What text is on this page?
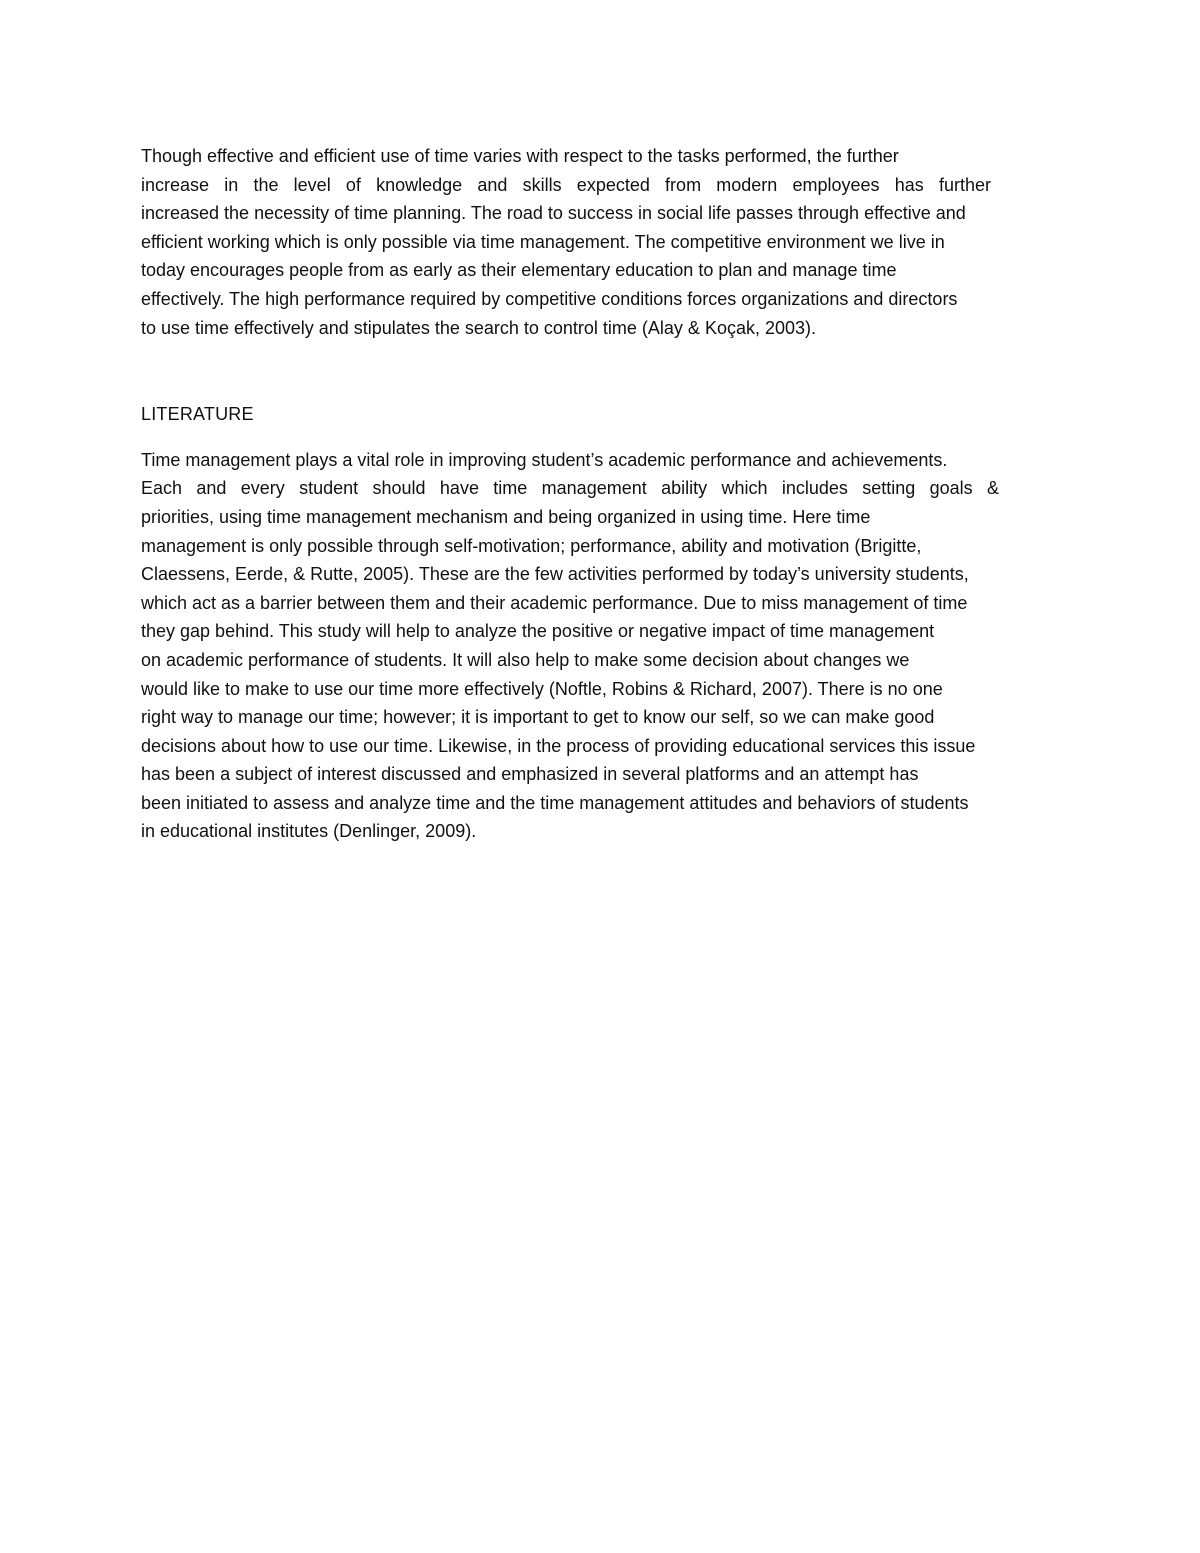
Though effective and efficient use of time varies with respect to the tasks performed, the further
increase in the level of knowledge and skills expected from modern employees has further
increased the necessity of time planning. The road to success in social life passes through effective and
efficient working which is only possible via time management. The competitive environment we live in
today encourages people from as early as their elementary education to plan and manage time
effectively. The high performance required by competitive conditions forces organizations and directors
to use time effectively and stipulates the search to control time (Alay & Koçak, 2003).
LITERATURE
Time management plays a vital role in improving student’s academic performance and achievements.
Each and every student should have time management ability which includes setting goals &
priorities, using time management mechanism and being organized in using time. Here time
management is only possible through self-motivation; performance, ability and motivation (Brigitte,
Claessens, Eerde, & Rutte, 2005). These are the few activities performed by today’s university students,
which act as a barrier between them and their academic performance. Due to miss management of time
they gap behind. This study will help to analyze the positive or negative impact of time management
on academic performance of students. It will also help to make some decision about changes we
would like to make to use our time more effectively (Noftle, Robins & Richard, 2007). There is no one
right way to manage our time; however; it is important to get to know our self, so we can make good
decisions about how to use our time. Likewise, in the process of providing educational services this issue
has been a subject of interest discussed and emphasized in several platforms and an attempt has
been initiated to assess and analyze time and the time management attitudes and behaviors of students
in educational institutes (Denlinger, 2009).
